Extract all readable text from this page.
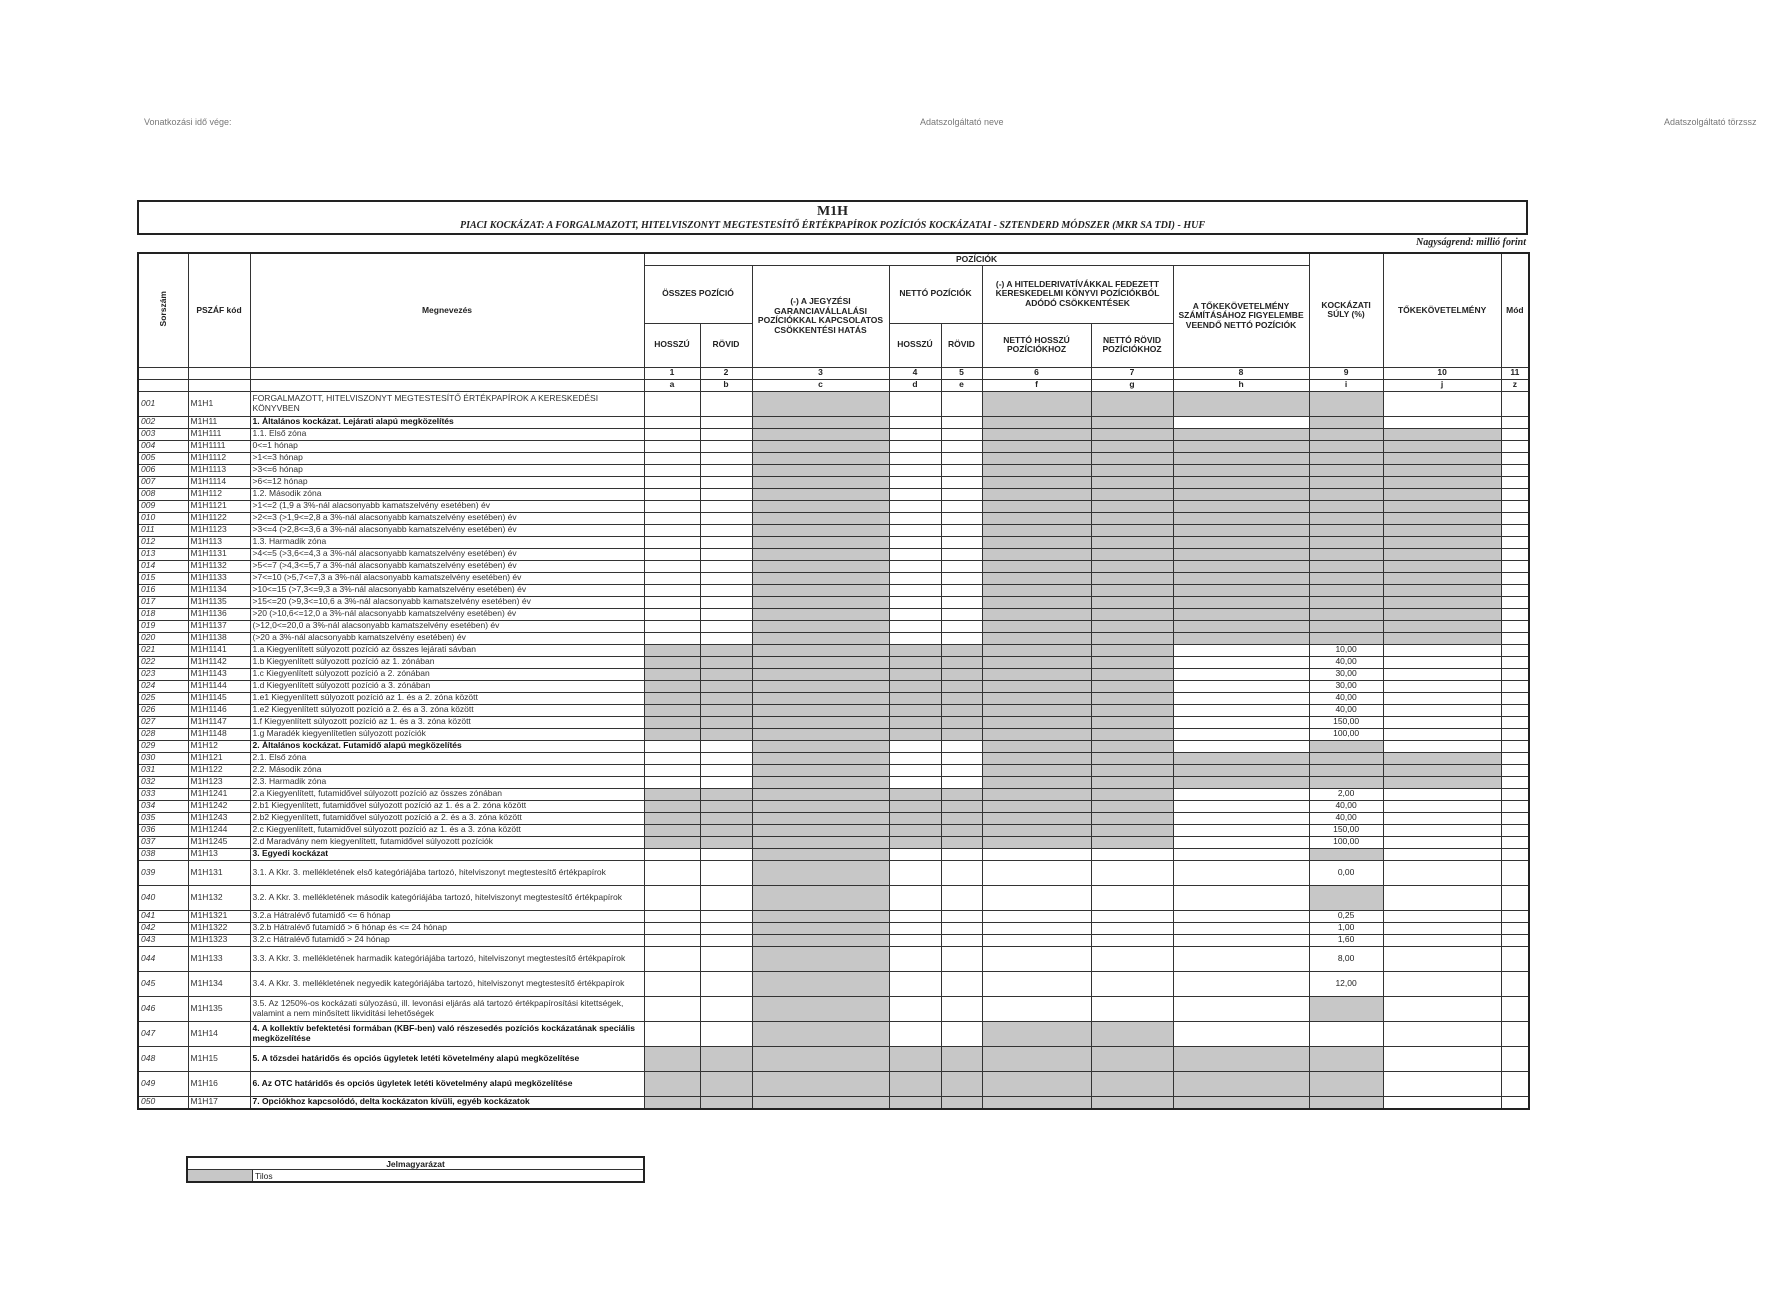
Vonatkozási idő vége:	Adatszolgáltató neve	Adatszolgáltató törzssz
M1H
PIACI KOCKÁZAT: A FORGALMAZOTT, HITELVISZONYT MEGTESTESÍTŐ ÉRTÉKPAPÍROK POZÍCIÓS KOCKÁZATAI - SZTENDERD MÓDSZER (MKR SA TDI) - HUF
Nagyságrend: millió forint
Sorszám	PSZÁF kód	Megnevezés	POZÍCIÓK								KOCKÁZATI SÚLY (%)	TŐKEKÖVETELMÉNY	Mód
			ÖSSZES POZÍCIÓ		(-) A JEGYZÉSI GARANCIAVÁLLALÁSI POZÍCIÓKKAL KAPCSOLATOS CSÖKKENTÉSI HATÁS	NETTÓ POZÍCIÓK		(-) A HITELDERIVATÍVÁKKAL FEDEZETT KERESKEDELMI KÖNYVI POZÍCIÓKBÓL ADÓDÓ CSÖKKENTÉSEK		A TŐKEKÖVETELMÉNY SZÁMÍTÁSÁHOZ FIGYELEMBE VEENDŐ NETTÓ POZÍCIÓK			
			HOSSZÚ	RÖVID		HOSSZÚ	RÖVID	NETTÓ HOSSZÚ POZÍCIÓKHOZ	NETTÓ RÖVID POZÍCIÓKHOZ				
			1	2	3	4	5	6	7	8	9	10	11
			a	b	c	d	e	f	g	h	i	j	z
001	M1H1	FORGALMAZOTT, HITELVISZONYT MEGTESTESÍTŐ ÉRTÉKPAPÍROK A KERESKEDÉSI KÖNYVBEN											
002	M1H11	1. Általános kockázat. Lejárati alapú megközelítés											
003	M1H111	1.1. Első zóna											
004	M1H1111	0<=1 hónap											
005	M1H1112	>1<=3 hónap											
006	M1H1113	>3<=6 hónap											
007	M1H1114	>6<=12 hónap											
008	M1H112	1.2. Második zóna											
009	M1H1121	>1<=2 (1,9 a 3%-nál alacsonyabb kamatszelvény esetében) év											
010	M1H1122	>2<=3 (>1,9<=2,8 a 3%-nál alacsonyabb kamatszelvény esetében) év											
011	M1H1123	>3<=4 (>2,8<=3,6 a 3%-nál alacsonyabb kamatszelvény esetében) év											
012	M1H113	1.3. Harmadik zóna											
013	M1H1131	>4<=5 (>3,6<=4,3 a 3%-nál alacsonyabb kamatszelvény esetében) év											
014	M1H1132	>5<=7 (>4,3<=5,7 a 3%-nál alacsonyabb kamatszelvény esetében) év											
015	M1H1133	>7<=10 (>5,7<=7,3 a 3%-nál alacsonyabb kamatszelvény esetében) év											
016	M1H1134	>10<=15 (>7,3<=9,3 a 3%-nál alacsonyabb kamatszelvény esetében) év											
017	M1H1135	>15<=20 (>9,3<=10,6 a 3%-nál alacsonyabb kamatszelvény esetében) év											
018	M1H1136	>20 (>10,6<=12,0 a 3%-nál alacsonyabb kamatszelvény esetében) év											
019	M1H1137	(>12,0<=20,0 a 3%-nál alacsonyabb kamatszelvény esetében) év											
020	M1H1138	(>20 a 3%-nál alacsonyabb kamatszelvény esetében) év											
021	M1H1141	1.a Kiegyenlített súlyozott pozíció az összes lejárati sávban									10,00		
022	M1H1142	1.b Kiegyenlített súlyozott pozíció az 1. zónában									40,00		
023	M1H1143	1.c Kiegyenlített súlyozott pozíció a 2. zónában									30,00		
024	M1H1144	1.d Kiegyenlített súlyozott pozíció a 3. zónában									30,00		
025	M1H1145	1.e1 Kiegyenlített súlyozott pozíció az 1. és a 2. zóna között									40,00		
026	M1H1146	1.e2 Kiegyenlített súlyozott pozíció a 2. és a 3. zóna között									40,00		
027	M1H1147	1.f Kiegyenlített súlyozott pozíció az 1. és a 3. zóna között									150,00		
028	M1H1148	1.g Maradék kiegyenlítetlen súlyozott pozíciók									100,00		
029	M1H12	2. Általános kockázat. Futamidő alapú megközelítés											
030	M1H121	2.1. Első zóna											
031	M1H122	2.2. Második zóna											
032	M1H123	2.3. Harmadik zóna											
033	M1H1241	2.a Kiegyenlített, futamidővel súlyozott pozíció az összes zónában									2,00		
034	M1H1242	2.b1 Kiegyenlített, futamidővel súlyozott pozíció az 1. és a 2. zóna között									40,00		
035	M1H1243	2.b2 Kiegyenlített, futamidővel súlyozott pozíció a 2. és a 3. zóna között									40,00		
036	M1H1244	2.c Kiegyenlített, futamidővel súlyozott pozíció az 1. és a 3. zóna között									150,00		
037	M1H1245	2.d Maradvány nem kiegyenlített, futamidővel súlyozott pozíciók									100,00		
038	M1H13	3. Egyedi kockázat											
039	M1H131	3.1. A Kkr. 3. mellékletének első kategóriájába tartozó, hitelviszonyt megtestesítő értékpapírok									0,00		
040	M1H132	3.2. A Kkr. 3. mellékletének második kategóriájába tartozó, hitelviszonyt megtestesítő értékpapírok											
041	M1H1321	3.2.a Hátralévő futamidő <= 6 hónap									0,25		
042	M1H1322	3.2.b Hátralévő futamidő > 6 hónap és <= 24 hónap									1,00		
043	M1H1323	3.2.c Hátralévő futamidő > 24 hónap									1,60		
044	M1H133	3.3. A Kkr. 3. mellékletének harmadik kategóriájába tartozó, hitelviszonyt megtestesítő értékpapírok									8,00		
045	M1H134	3.4. A Kkr. 3. mellékletének negyedik kategóriájába tartozó, hitelviszonyt megtestesítő értékpapírok									12,00		
046	M1H135	3.5. Az 1250%-os kockázati súlyozású, ill. levonási eljárás alá tartozó értékpapírosítási kitettségek, valamint a nem minősített likviditási lehetőségek											
047	M1H14	4. A kollektív befektetési formában (KBF-ben) való részesedés pozíciós kockázatának speciális megközelítése											
048	M1H15	5. A tőzsdei határidős és opciós ügyletek letéti követelmény alapú megközelítése											
049	M1H16	6. Az OTC határidős és opciós ügyletek letéti követelmény alapú megközelítése											
050	M1H17	7. Opciókhoz kapcsolódó, delta kockázaton kívüli, egyéb kockázatok											
Jelmagyarázat
	Tilos
